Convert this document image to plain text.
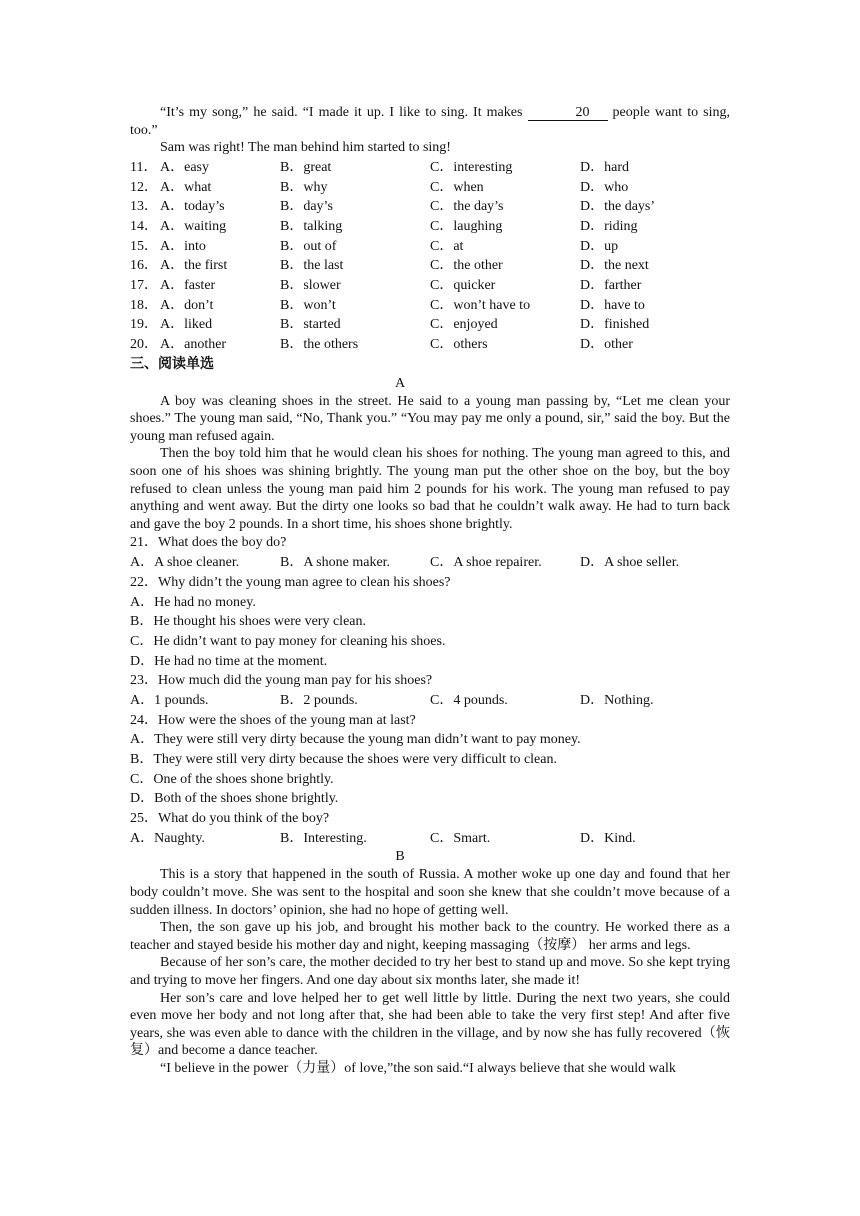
“It’s my song,” he said. “I made it up. I like to sing. It makes	20 people want to sing, too.”

Sam was right! The man behind him started to sing!

11． A．easy	B．great	C．interesting	D．hard
12． A．what	B．why	C．when	D．who
13． A．today’s	B．day’s	C．the day’s	D．the days’
14． A．waiting	B．talking	C．laughing	D．riding
15． A．into	B．out of	C．at	D．up
16． A．the first	B．the last	C．the other	D．the next
17． A．faster	B．slower	C．quicker	D．farther
18． A．don’t	B．won’t	C．won’t have to	D．have to
19． A．liked	B．started	C．enjoyed	D．finished
20． A．another	B．the others	C．others	D．other
三、阅读单选
A

A boy was cleaning shoes in the street. He said to a young man passing by, “Let me clean your shoes.” The young man said, “No, Thank you.” “You may pay me only a pound, sir,” said the boy. But the young man refused again.

Then the boy told him that he would clean his shoes for nothing. The young man agreed to this, and soon one of his shoes was shining brightly. The young man put the other shoe on the boy, but the boy refused to clean unless the young man paid him 2 pounds for his work. The young man refused to pay anything and went away. But the dirty one looks so bad that he couldn’t walk away. He had to turn back and gave the boy 2 pounds. In a short time, his shoes shone brightly.

21．What does the boy do?
A．A shoe cleaner.	B．A shone maker.	C．A shoe repairer.	D．A shoe seller.
22．Why didn’t the young man agree to clean his shoes?
A．He had no money.
B．He thought his shoes were very clean.
C．He didn’t want to pay money for cleaning his shoes.
D．He had no time at the moment.
23．How much did the young man pay for his shoes?
A．1 pounds.	B．2 pounds.	C．4 pounds.	D．Nothing.
24．How were the shoes of the young man at last?
A．They were still very dirty because the young man didn’t want to pay money.
B．They were still very dirty because the shoes were very difficult to clean.
C．One of the shoes shone brightly.
D．Both of the shoes shone brightly.
25．What do you think of the boy?
A．Naughty.	B．Interesting.	C．Smart.	D．Kind.
B

This is a story that happened in the south of Russia. A mother woke up one day and found that her body couldn’t move. She was sent to the hospital and soon she knew that she couldn’t move because of a sudden illness. In doctors’ opinion, she had no hope of getting well.

Then, the son gave up his job, and brought his mother back to the country. He worked there as a teacher and stayed beside his mother day and night, keeping massaging（按摩） her arms and legs.

Because of her son’s care, the mother decided to try her best to stand up and move. So she kept trying and trying to move her fingers. And one day about six months later, she made it!

Her son’s care and love helped her to get well little by little. During the next two years, she could even move her body and not long after that, she had been able to take the very first step! And after five years, she was even able to dance with the children in the village, and by now she has fully recovered（恢复）and become a dance teacher.

“I believe in the power（力量）of love,”the son said.“I always believe that she would walk
